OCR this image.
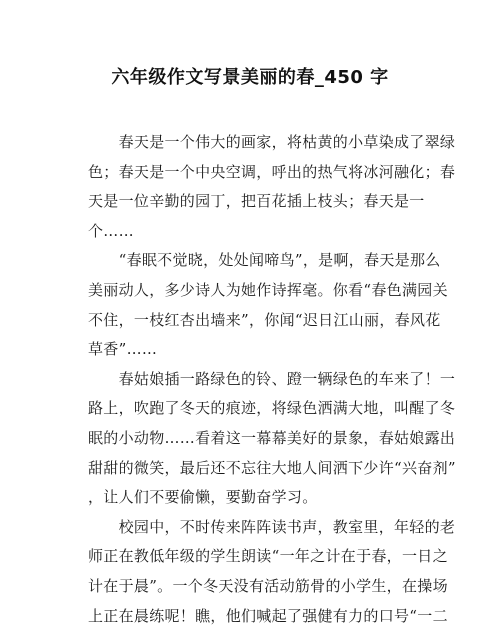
六年级作文写景美丽的春_450 字
　　春天是一个伟大的画家，将枯黄的小草染成了翠绿
色；春天是一个中央空调，呼出的热气将冰河融化；春
天是一位辛勤的园丁，把百花插上枝头；春天是一
个……
　　“春眠不觉晓，处处闻啼鸟”，是啊，春天是那么
美丽动人，多少诗人为她作诗挥毫。你看“春色满园关
不住，一枝红杏出墙来”，你闻“迟日江山丽，春风花
草香”……
　　春姑娘插一路绿色的铃、蹬一辆绿色的车来了！一
路上，吹跑了冬天的痕迹，将绿色洒满大地，叫醒了冬
眠的小动物……看着这一幕幕美好的景象，春姑娘露出
甜甜的微笑，最后还不忘往大地人间洒下少许“兴奋剂”
，让人们不要偷懒，要勤奋学习。
　　校园中，不时传来阵阵读书声，教室里，年轻的老
师正在教低年级的学生朗读“一年之计在于春，一日之
计在于晨”。一个冬天没有活动筋骨的小学生，在操场
上正在晨练呢！瞧，他们喊起了强健有力的口号“一二
